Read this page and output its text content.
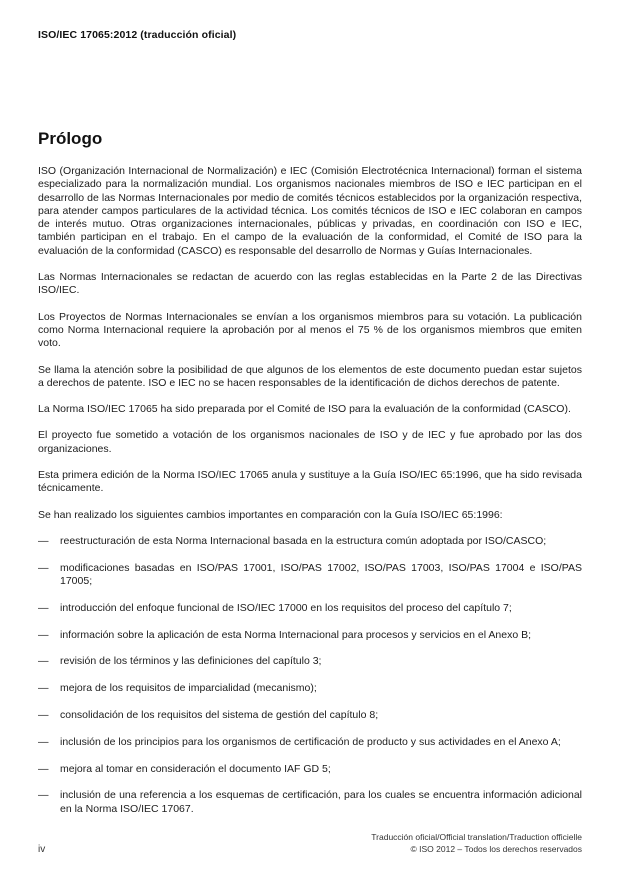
ISO/IEC 17065:2012 (traducción oficial)
Prólogo

ISO (Organización Internacional de Normalización) e IEC (Comisión Electrotécnica Internacional) forman el sistema especializado para la normalización mundial. Los organismos nacionales miembros de ISO e IEC participan en el desarrollo de las Normas Internacionales por medio de comités técnicos establecidos por la organización respectiva, para atender campos particulares de la actividad técnica. Los comités técnicos de ISO e IEC colaboran en campos de interés mutuo. Otras organizaciones internacionales, públicas y privadas, en coordinación con ISO e IEC, también participan en el trabajo. En el campo de la evaluación de la conformidad, el Comité de ISO para la evaluación de la conformidad (CASCO) es responsable del desarrollo de Normas y Guías Internacionales.

Las Normas Internacionales se redactan de acuerdo con las reglas establecidas en la Parte 2 de las Directivas ISO/IEC.

Los Proyectos de Normas Internacionales se envían a los organismos miembros para su votación. La publicación como Norma Internacional requiere la aprobación por al menos el 75 % de los organismos miembros que emiten voto.

Se llama la atención sobre la posibilidad de que algunos de los elementos de este documento puedan estar sujetos a derechos de patente. ISO e IEC no se hacen responsables de la identificación de dichos derechos de patente.

La Norma ISO/IEC 17065 ha sido preparada por el Comité de ISO para la evaluación de la conformidad (CASCO).

El proyecto fue sometido a votación de los organismos nacionales de ISO y de IEC y fue aprobado por las dos organizaciones.

Esta primera edición de la Norma ISO/IEC 17065 anula y sustituye a la Guía ISO/IEC 65:1996, que ha sido revisada técnicamente.

Se han realizado los siguientes cambios importantes en comparación con la Guía ISO/IEC 65:1996:

—	reestructuración de esta Norma Internacional basada en la estructura común adoptada por ISO/CASCO;
—	modificaciones basadas en ISO/PAS 17001, ISO/PAS 17002, ISO/PAS 17003, ISO/PAS 17004 e ISO/PAS 17005;
—	introducción del enfoque funcional de ISO/IEC 17000 en los requisitos del proceso del capítulo 7;
—	información sobre la aplicación de esta Norma Internacional para procesos y servicios en el Anexo B;
—	revisión de los términos y las definiciones del capítulo 3;
—	mejora de los requisitos de imparcialidad (mecanismo);
—	consolidación de los requisitos del sistema de gestión del capítulo 8;
—	inclusión de los principios para los organismos de certificación de producto y sus actividades en el Anexo A;
—	mejora al tomar en consideración el documento IAF GD 5;
—	inclusión de una referencia a los esquemas de certificación, para los cuales se encuentra información adicional en la Norma ISO/IEC 17067.
iv
Traducción oficial/Official translation/Traduction officielle
© ISO 2012 – Todos los derechos reservados
